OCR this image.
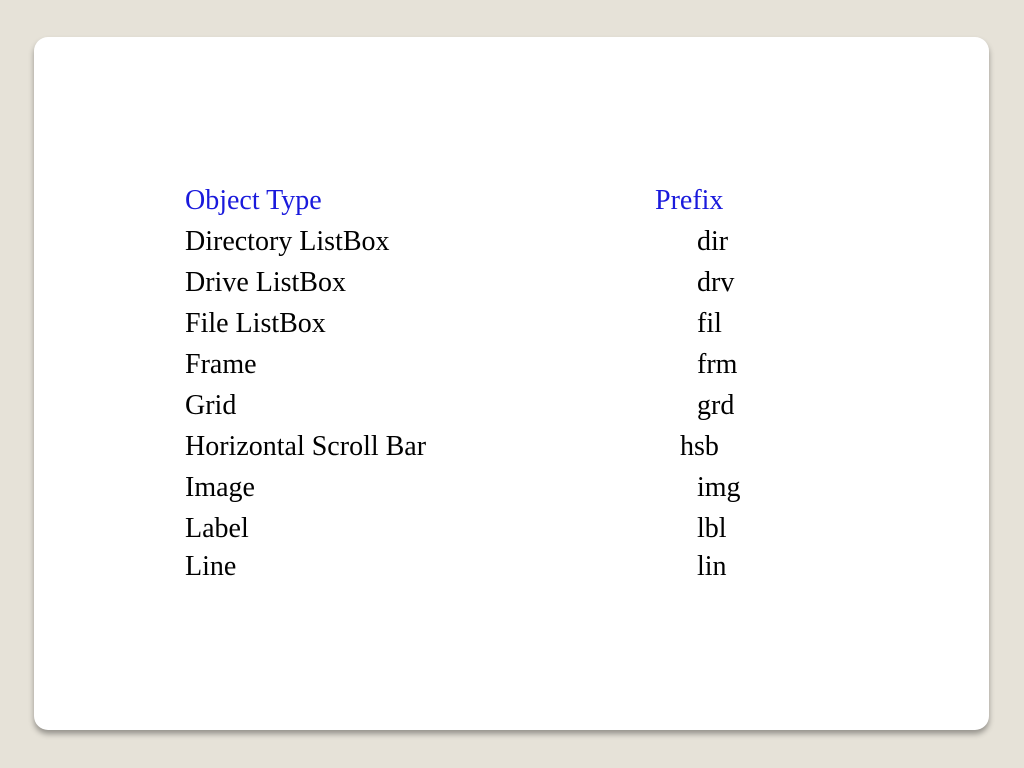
Object Type	Prefix
Directory ListBox	dir
Drive ListBox	drv
File ListBox	fil
Frame	frm
Grid	grd
Horizontal Scroll Bar	hsb
Image	img
Label	lbl
Line	lin
